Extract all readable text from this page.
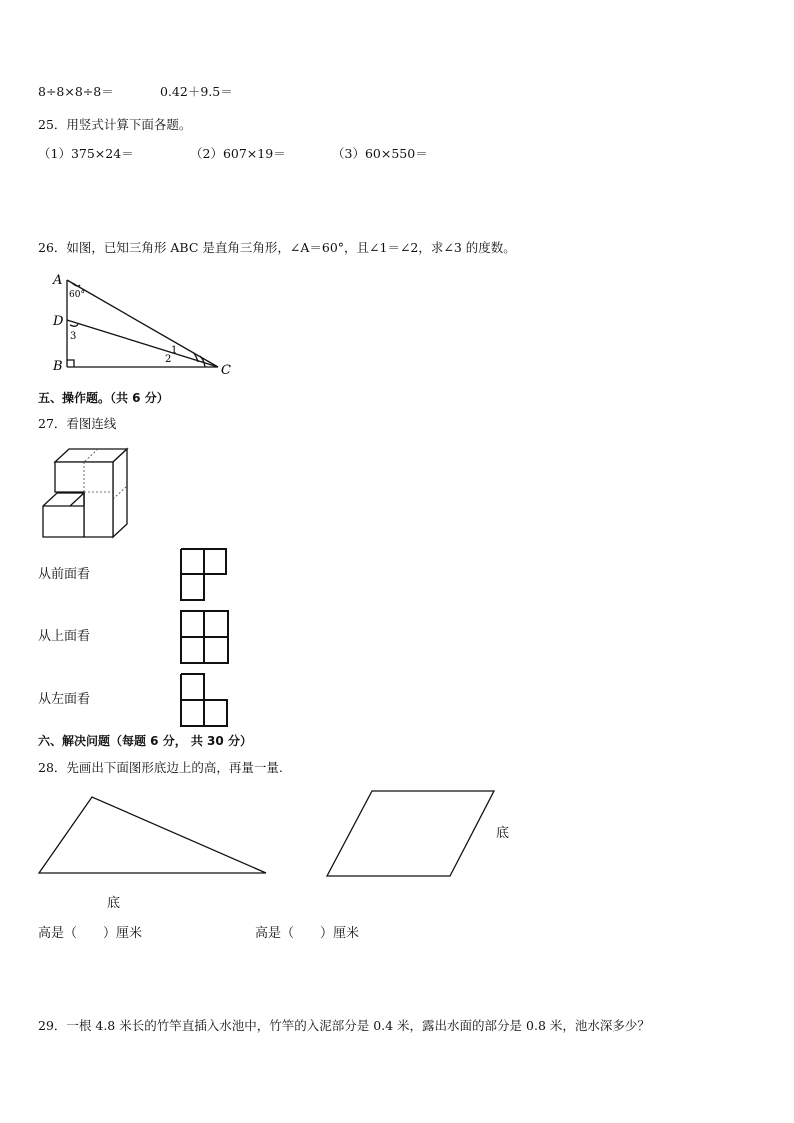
8÷8×8÷8＝	0.42＋9.5＝
25．用竖式计算下面各题。
（1）375×24＝	（2）607×19＝	（3）60×550＝
26．如图，已知三角形 ABC 是直角三角形，∠A＝60°，且∠1＝∠2，求∠3 的度数。
A
D
B	C
60°
3
1
2
五、操作题。（共 6 分）
27．看图连线
从前面看
从上面看
从左面看
六、解决问题（每题 6 分， 共 30 分）
28．先画出下面图形底边上的高，再量一量.
底
底
高是（　　）厘米	高是（　　）厘米
29．一根 4.8 米长的竹竿直插入水池中，竹竿的入泥部分是 0.4 米，露出水面的部分是 0.8 米，池水深多少？
